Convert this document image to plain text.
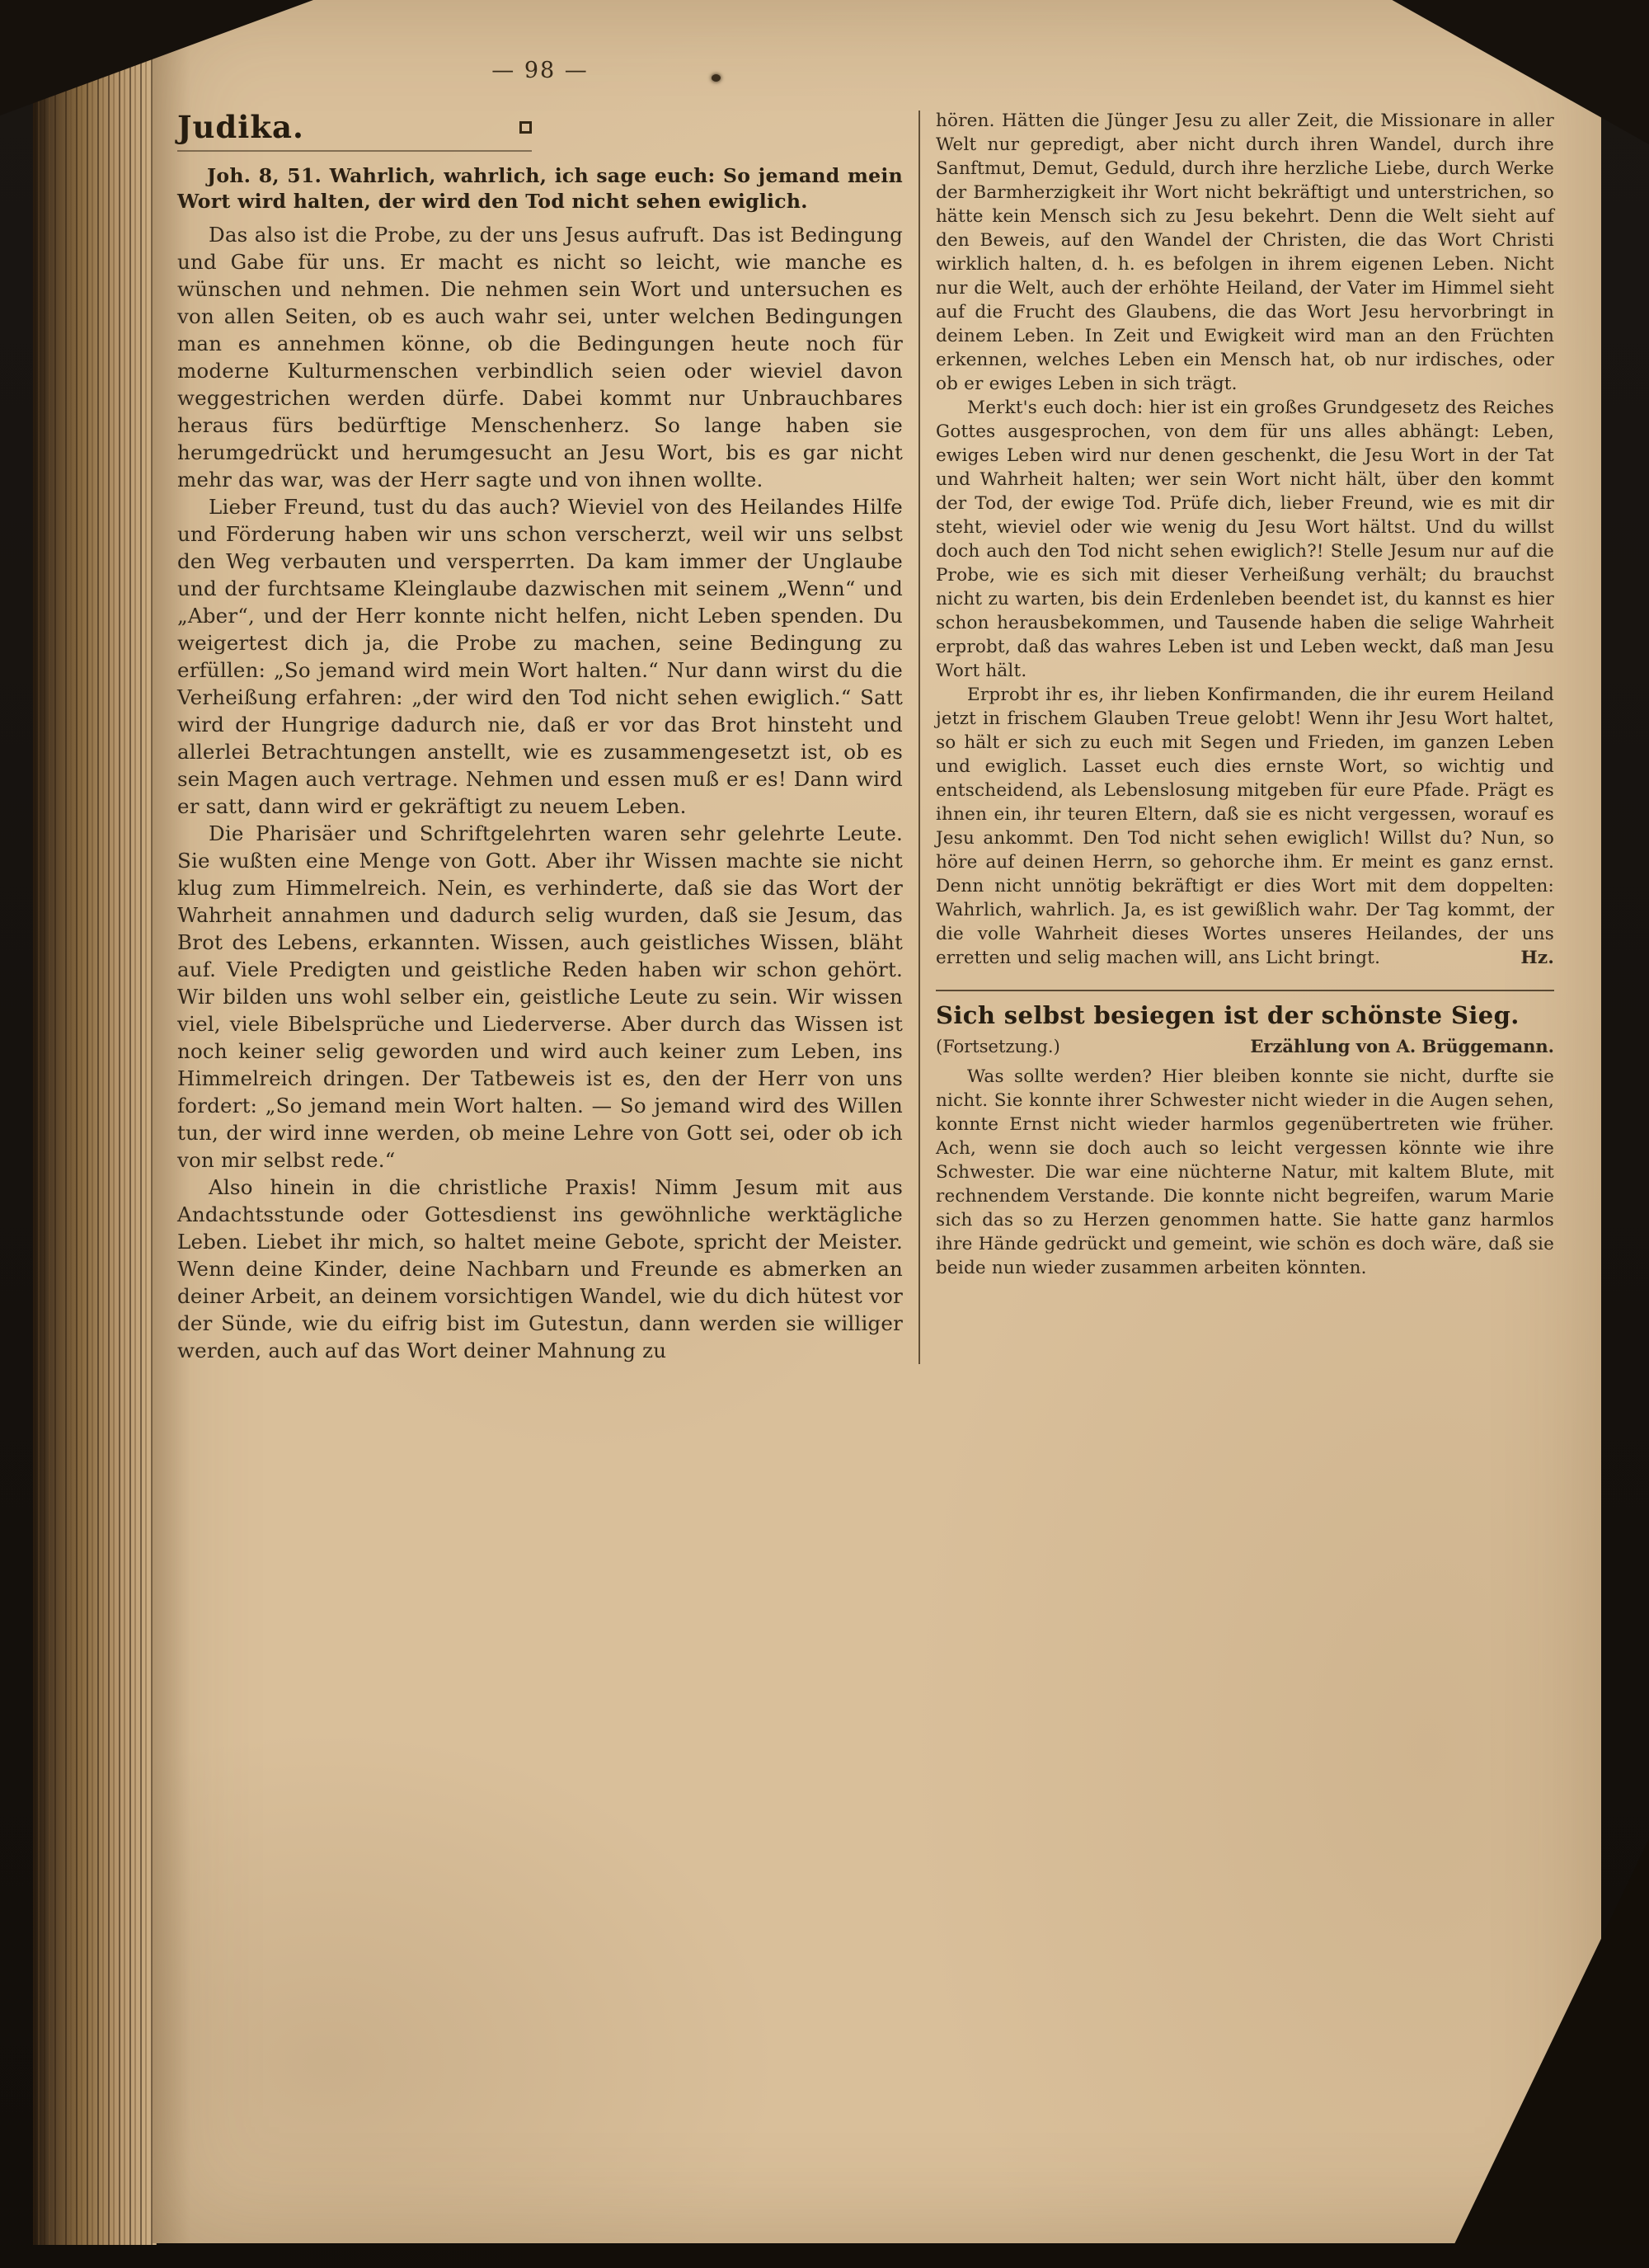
— 98 —
Judika.

Joh. 8, 51. Wahrlich, wahrlich, ich sage euch: So jemand mein Wort wird halten, der wird den Tod nicht sehen ewiglich.

Das also ist die Probe, zu der uns Jesus aufruft. Das ist Bedingung und Gabe für uns. Er macht es nicht so leicht, wie manche es wünschen und nehmen. Die nehmen sein Wort und untersuchen es von allen Seiten, ob es auch wahr sei, unter welchen Bedingungen man es annehmen könne, ob die Bedingungen heute noch für moderne Kulturmenschen verbindlich seien oder wieviel davon weggestrichen werden dürfe. Dabei kommt nur Unbrauchbares heraus fürs bedürftige Menschenherz. So lange haben sie herumgedrückt und herumgesucht an Jesu Wort, bis es gar nicht mehr das war, was der Herr sagte und von ihnen wollte.

Lieber Freund, tust du das auch? Wieviel von des Heilandes Hilfe und Förderung haben wir uns schon verscherzt, weil wir uns selbst den Weg verbauten und versperrten. Da kam immer der Unglaube und der furchtsame Kleinglaube dazwischen mit seinem „Wenn“ und „Aber“, und der Herr konnte nicht helfen, nicht Leben spenden. Du weigertest dich ja, die Probe zu machen, seine Bedingung zu erfüllen: „So jemand wird mein Wort halten.“ Nur dann wirst du die Verheißung erfahren: „der wird den Tod nicht sehen ewiglich.“ Satt wird der Hungrige dadurch nie, daß er vor das Brot hinsteht und allerlei Betrachtungen anstellt, wie es zusammengesetzt ist, ob es sein Magen auch vertrage. Nehmen und essen muß er es! Dann wird er satt, dann wird er gekräftigt zu neuem Leben.

Die Pharisäer und Schriftgelehrten waren sehr gelehrte Leute. Sie wußten eine Menge von Gott. Aber ihr Wissen machte sie nicht klug zum Himmelreich. Nein, es verhinderte, daß sie das Wort der Wahrheit annahmen und dadurch selig wurden, daß sie Jesum, das Brot des Lebens, erkannten. Wissen, auch geistliches Wissen, bläht auf. Viele Predigten und geistliche Reden haben wir schon gehört. Wir bilden uns wohl selber ein, geistliche Leute zu sein. Wir wissen viel, viele Bibelsprüche und Liederverse. Aber durch das Wissen ist noch keiner selig geworden und wird auch keiner zum Leben, ins Himmelreich dringen. Der Tatbeweis ist es, den der Herr von uns fordert: „So jemand mein Wort halten. — So jemand wird des Willen tun, der wird inne werden, ob meine Lehre von Gott sei, oder ob ich von mir selbst rede.“

Also hinein in die christliche Praxis! Nimm Jesum mit aus Andachtsstunde oder Gottesdienst ins gewöhnliche werktägliche Leben. Liebet ihr mich, so haltet meine Gebote, spricht der Meister. Wenn deine Kinder, deine Nachbarn und Freunde es abmerken an deiner Arbeit, an deinem vorsichtigen Wandel, wie du dich hütest vor der Sünde, wie du eifrig bist im Gutestun, dann werden sie williger werden, auch auf das Wort deiner Mahnung zu

hören. Hätten die Jünger Jesu zu aller Zeit, die Missionare in aller Welt nur gepredigt, aber nicht durch ihren Wandel, durch ihre Sanftmut, Demut, Geduld, durch ihre herzliche Liebe, durch Werke der Barmherzigkeit ihr Wort nicht bekräftigt und unterstrichen, so hätte kein Mensch sich zu Jesu bekehrt. Denn die Welt sieht auf den Beweis, auf den Wandel der Christen, die das Wort Christi wirklich halten, d. h. es befolgen in ihrem eigenen Leben. Nicht nur die Welt, auch der erhöhte Heiland, der Vater im Himmel sieht auf die Frucht des Glaubens, die das Wort Jesu hervorbringt in deinem Leben. In Zeit und Ewigkeit wird man an den Früchten erkennen, welches Leben ein Mensch hat, ob nur irdisches, oder ob er ewiges Leben in sich trägt.

Merkt's euch doch: hier ist ein großes Grundgesetz des Reiches Gottes ausgesprochen, von dem für uns alles abhängt: Leben, ewiges Leben wird nur denen geschenkt, die Jesu Wort in der Tat und Wahrheit halten; wer sein Wort nicht hält, über den kommt der Tod, der ewige Tod. Prüfe dich, lieber Freund, wie es mit dir steht, wieviel oder wie wenig du Jesu Wort hältst. Und du willst doch auch den Tod nicht sehen ewiglich?! Stelle Jesum nur auf die Probe, wie es sich mit dieser Verheißung verhält; du brauchst nicht zu warten, bis dein Erdenleben beendet ist, du kannst es hier schon herausbekommen, und Tausende haben die selige Wahrheit erprobt, daß das wahres Leben ist und Leben weckt, daß man Jesu Wort hält.

Erprobt ihr es, ihr lieben Konfirmanden, die ihr eurem Heiland jetzt in frischem Glauben Treue gelobt! Wenn ihr Jesu Wort haltet, so hält er sich zu euch mit Segen und Frieden, im ganzen Leben und ewiglich. Lasset euch dies ernste Wort, so wichtig und entscheidend, als Lebenslosung mitgeben für eure Pfade. Prägt es ihnen ein, ihr teuren Eltern, daß sie es nicht vergessen, worauf es Jesu ankommt. Den Tod nicht sehen ewiglich! Willst du? Nun, so höre auf deinen Herrn, so gehorche ihm. Er meint es ganz ernst. Denn nicht unnötig bekräftigt er dies Wort mit dem doppelten: Wahrlich, wahrlich. Ja, es ist gewißlich wahr. Der Tag kommt, der die volle Wahrheit dieses Wortes unseres Heilandes, der uns erretten und selig machen will, ans Licht bringt.	Hz.

Sich selbst besiegen ist der schönste Sieg.
(Fortsetzung.)	Erzählung von A. Brüggemann.

Was sollte werden? Hier bleiben konnte sie nicht, durfte sie nicht. Sie konnte ihrer Schwester nicht wieder in die Augen sehen, konnte Ernst nicht wieder harmlos gegenübertreten wie früher. Ach, wenn sie doch auch so leicht vergessen könnte wie ihre Schwester. Die war eine nüchterne Natur, mit kaltem Blute, mit rechnendem Verstande. Die konnte nicht begreifen, warum Marie sich das so zu Herzen genommen hatte. Sie hatte ganz harmlos ihre Hände gedrückt und gemeint, wie schön es doch wäre, daß sie beide nun wieder zusammen arbeiten könnten.
